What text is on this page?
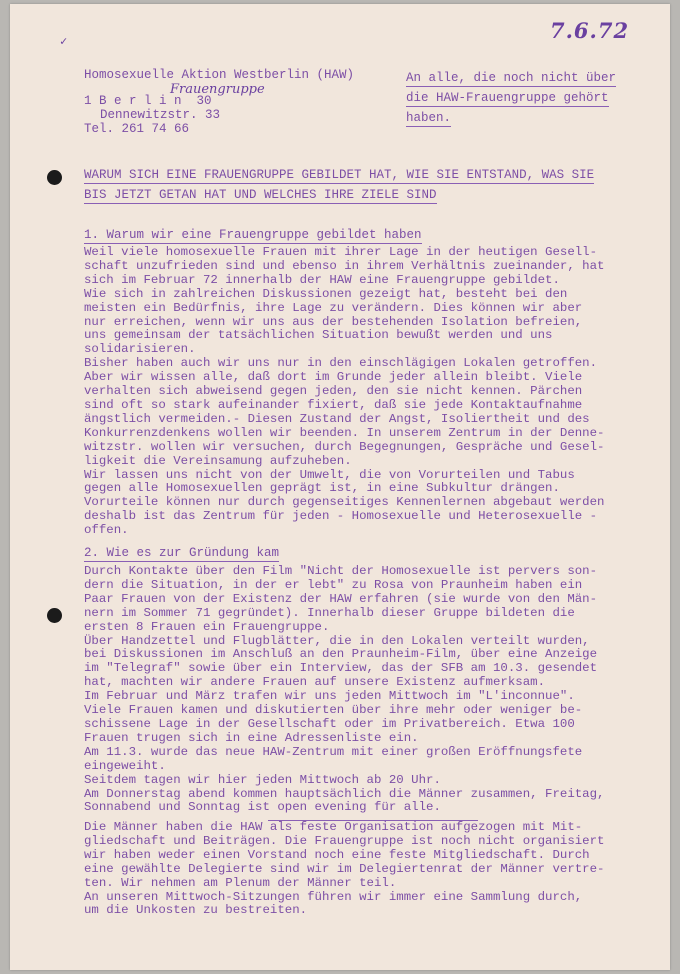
7.6.72
✓
Homosexuelle Aktion Westberlin (HAW)
Frauengruppe
1 B e r l i n  30
Dennewitzstr. 33
Tel. 261 74 66
An alle, die noch nicht über
die HAW-Frauengruppe gehört
haben.
WARUM SICH EINE FRAUENGRUPPE GEBILDET HAT, WIE SIE ENTSTAND, WAS SIE
BIS JETZT GETAN HAT UND WELCHES IHRE ZIELE SIND
1. Warum wir eine Frauengruppe gebildet haben
Weil viele homosexuelle Frauen mit ihrer Lage in der heutigen Gesell-
schaft unzufrieden sind und ebenso in ihrem Verhältnis zueinander, hat
sich im Februar 72 innerhalb der HAW eine Frauengruppe gebildet.
Wie sich in zahlreichen Diskussionen gezeigt hat, besteht bei den
meisten ein Bedürfnis, ihre Lage zu verändern. Dies können wir aber
nur erreichen, wenn wir uns aus der bestehenden Isolation befreien,
uns gemeinsam der tatsächlichen Situation bewußt werden und uns
solidarisieren.
Bisher haben auch wir uns nur in den einschlägigen Lokalen getroffen.
Aber wir wissen alle, daß dort im Grunde jeder allein bleibt. Viele
verhalten sich abweisend gegen jeden, den sie nicht kennen. Pärchen
sind oft so stark aufeinander fixiert, daß sie jede Kontaktaufnahme
ängstlich vermeiden.- Diesen Zustand der Angst, Isoliertheit und des
Konkurrenzdenkens wollen wir beenden. In unserem Zentrum in der Denne-
witzstr. wollen wir versuchen, durch Begegnungen, Gespräche und Gesel-
ligkeit die Vereinsamung aufzuheben.
Wir lassen uns nicht von der Umwelt, die von Vorurteilen und Tabus
gegen alle Homosexuellen geprägt ist, in eine Subkultur drängen.
Vorurteile können nur durch gegenseitiges Kennenlernen abgebaut werden
deshalb ist das Zentrum für jeden - Homosexuelle und Heterosexuelle -
offen.
2. Wie es zur Gründung kam
Durch Kontakte über den Film "Nicht der Homosexuelle ist pervers son-
dern die Situation, in der er lebt" zu Rosa von Praunheim haben ein
Paar Frauen von der Existenz der HAW erfahren (sie wurde von den Män-
nern im Sommer 71 gegründet). Innerhalb dieser Gruppe bildeten die
ersten 8 Frauen ein Frauengruppe.
Über Handzettel und Flugblätter, die in den Lokalen verteilt wurden,
bei Diskussionen im Anschluß an den Praunheim-Film, über eine Anzeige
im "Telegraf" sowie über ein Interview, das der SFB am 10.3. gesendet
hat, machten wir andere Frauen auf unsere Existenz aufmerksam.
Im Februar und März trafen wir uns jeden Mittwoch im "L'inconnue".
Viele Frauen kamen und diskutierten über ihre mehr oder weniger be-
schissene Lage in der Gesellschaft oder im Privatbereich. Etwa 100
Frauen trugen sich in eine Adressenliste ein.
Am 11.3. wurde das neue HAW-Zentrum mit einer großen Eröffnungsfete
eingeweiht.
Seitdem tagen wir hier jeden Mittwoch ab 20 Uhr.
Am Donnerstag abend kommen hauptsächlich die Männer zusammen, Freitag,
Sonnabend und Sonntag ist open evening für alle.
Die Männer haben die HAW als feste Organisation aufgezogen mit Mit-
gliedschaft und Beiträgen. Die Frauengruppe ist noch nicht organisiert
wir haben weder einen Vorstand noch eine feste Mitgliedschaft. Durch
eine gewählte Delegierte sind wir im Delegiertenrat der Männer vertre-
ten. Wir nehmen am Plenum der Männer teil.
An unseren Mittwoch-Sitzungen führen wir immer eine Sammlung durch,
um die Unkosten zu bestreiten.
